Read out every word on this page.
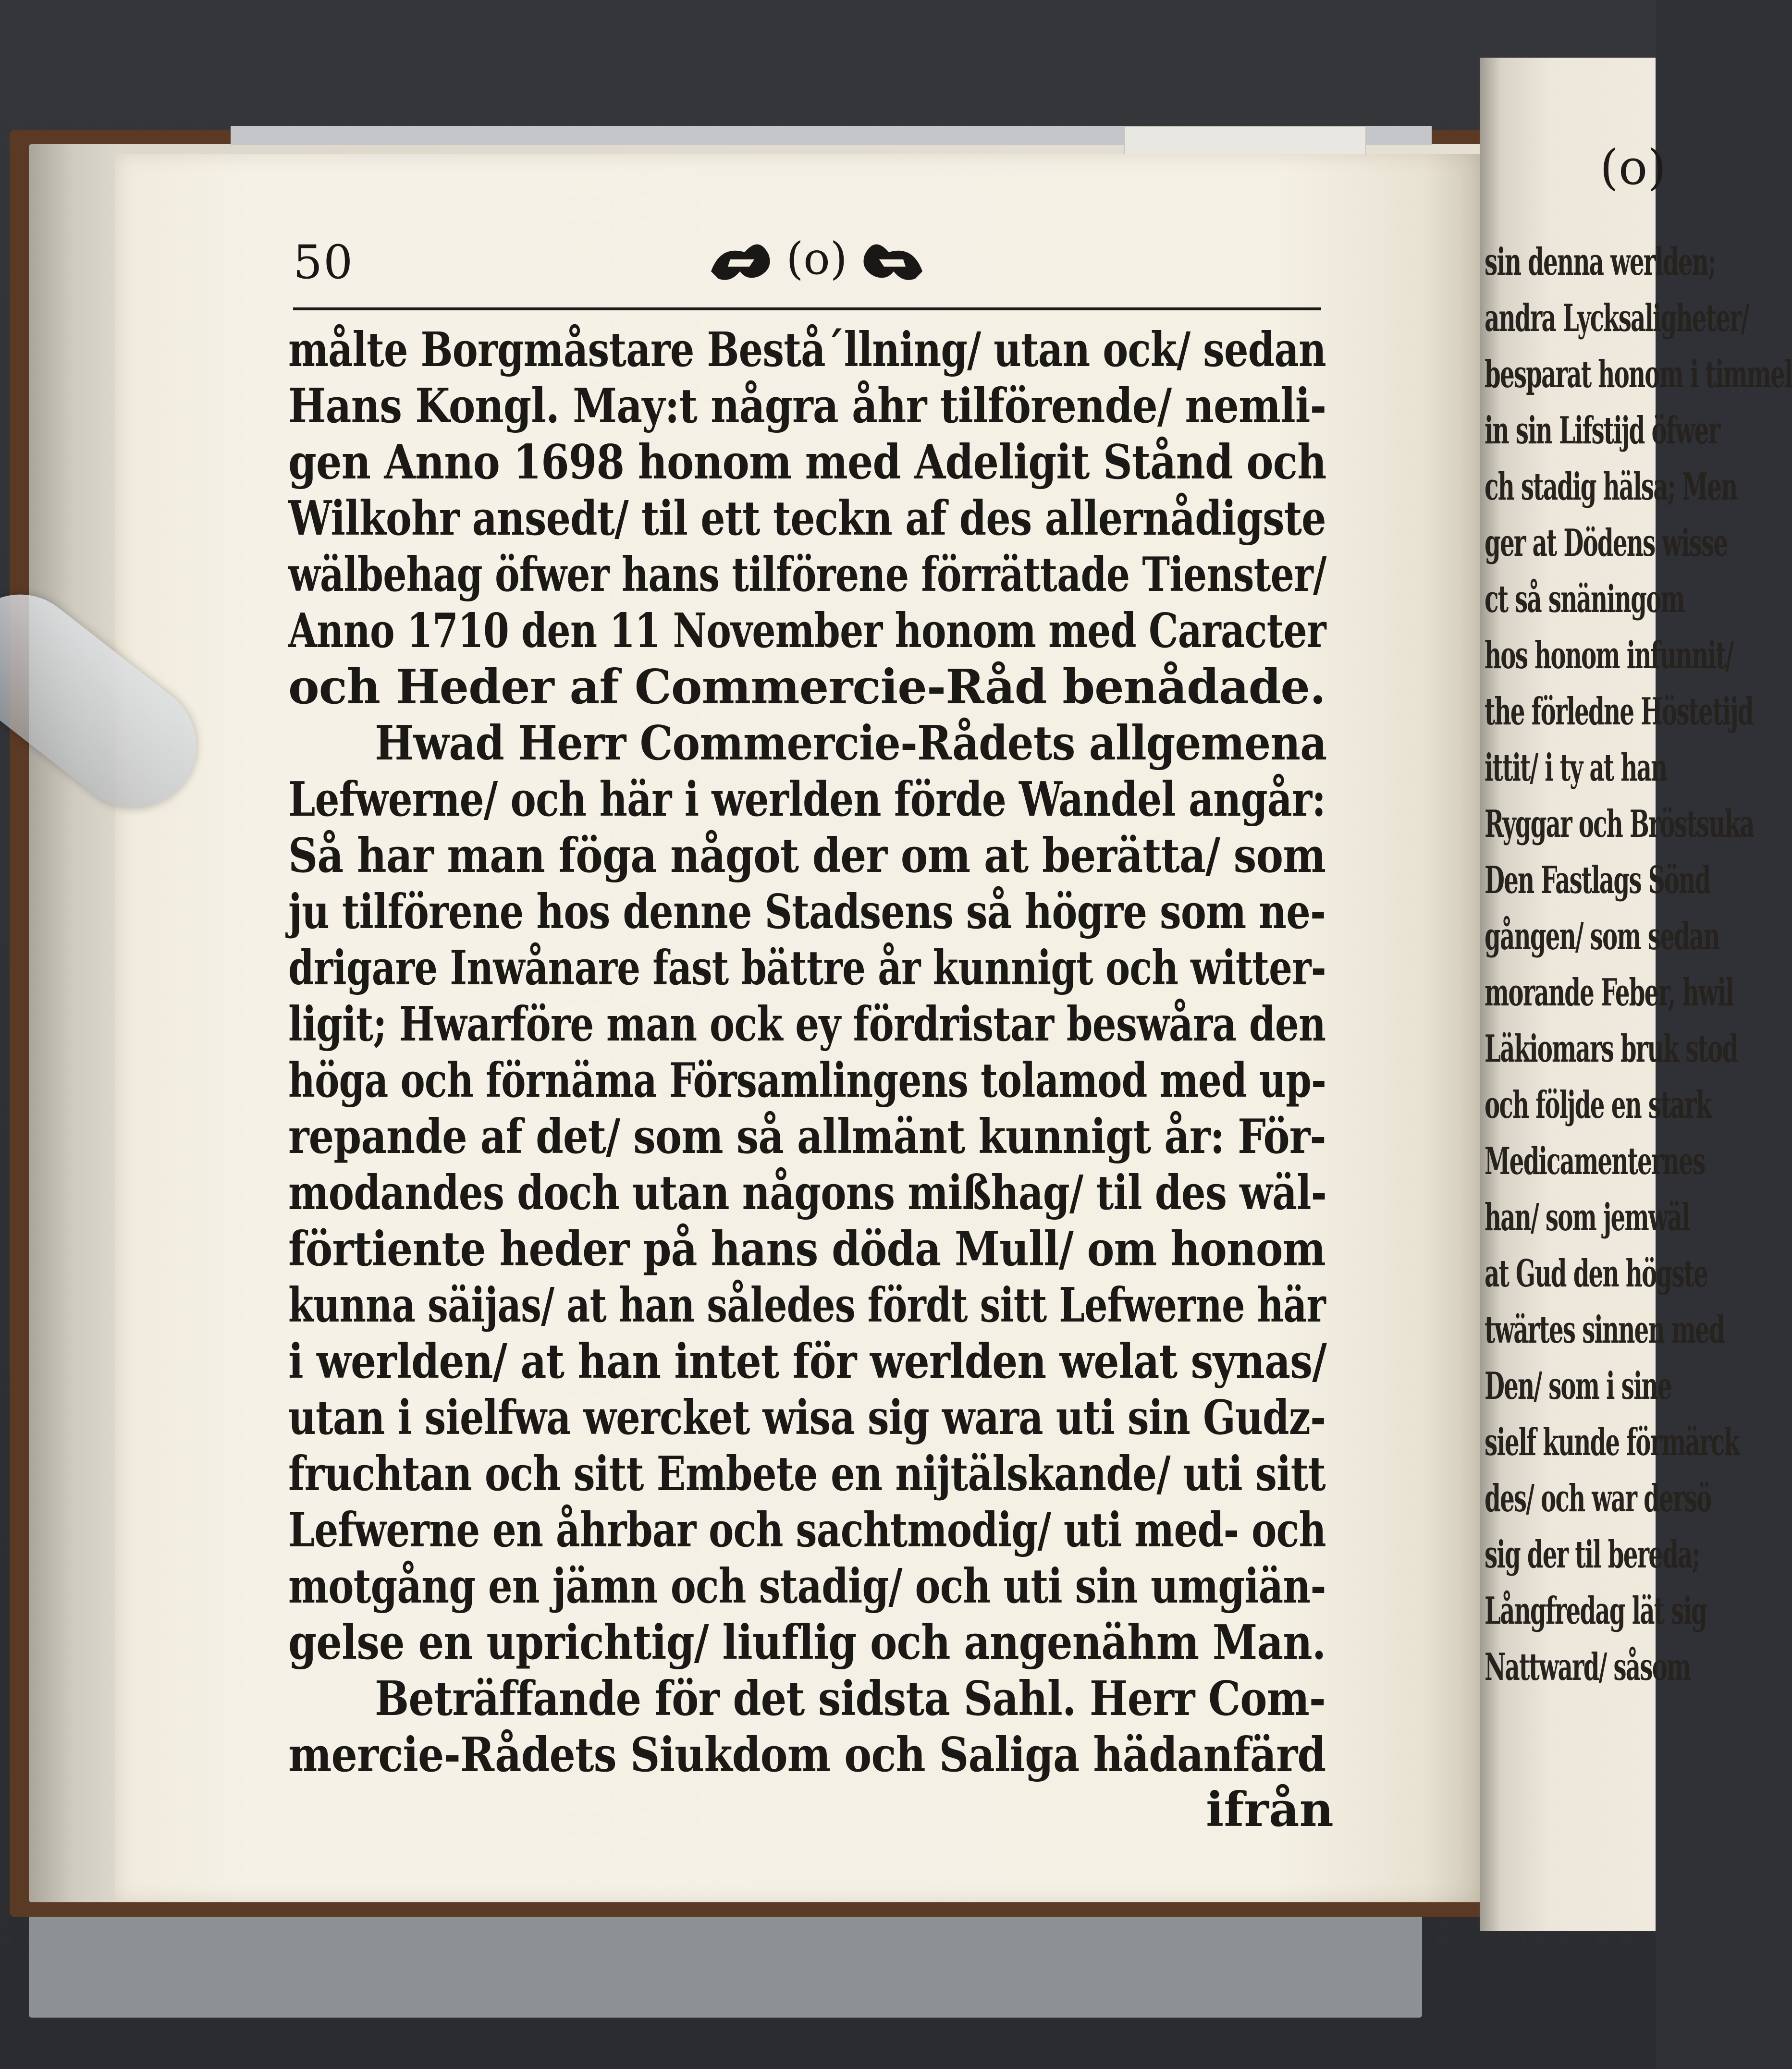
(o)
sin denna werlden;
andra Lycksaligheter/
besparat honom i timmel
in sin Lifstijd öfwer
ch stadig hälsa; Men
ger at Dödens wisse
ct så snäningom
hos honom infunnit/
the förledne Höstetijd
ittit/ i ty at han
Ryggar och Bröstsuka
Den Fastlags Sönd
gången/ som sedan
morande Feber, hwil
Läkiomars bruk stod
och följde en stark
Medicamenternes
han/ som jemwäl
at Gud den högste
twärtes sinnen med
Den/ som i sine
sielf kunde förmärck
des/ och war dersö
sig der til bereda;
Långfredag lät sig
Nattward/ såsom
50	(o)
målte Borgmåstare Bestå´llning/ utan ock/ sedan
Hans Kongl. May:t några åhr tilförende/ nemli-
gen Anno 1698 honom med Adeligit Stånd och
Wilkohr ansedt/ til ett teckn af des allernådigste
wälbehag öfwer hans tilförene förrättade Tienster/
Anno 1710 den 11 November honom med Caracter
och Heder af Commercie-Råd benådade.
Hwad Herr Commercie-Rådets allgemena
Lefwerne/ och här i werlden förde Wandel angår:
Så har man föga något der om at berätta/ som
ju tilförene hos denne Stadsens så högre som ne-
drigare Inwånare fast bättre år kunnigt och witter-
ligit; Hwarföre man ock ey fördristar beswåra den
höga och förnäma Församlingens tolamod med up-
repande af det/ som så allmänt kunnigt år: För-
modandes doch utan någons mißhag/ til des wäl-
förtiente heder på hans döda Mull/ om honom
kunna säijas/ at han således fördt sitt Lefwerne här
i werlden/ at han intet för werlden welat synas/
utan i sielfwa wercket wisa sig wara uti sin Gudz-
fruchtan och sitt Embete en nijtälskande/ uti sitt
Lefwerne en åhrbar och sachtmodig/ uti med- och
motgång en jämn och stadig/ och uti sin umgiän-
gelse en uprichtig/ liuflig och angenähm Man.
Beträffande för det sidsta Sahl. Herr Com-
mercie-Rådets Siukdom och Saliga hädanfärd
ifrån
